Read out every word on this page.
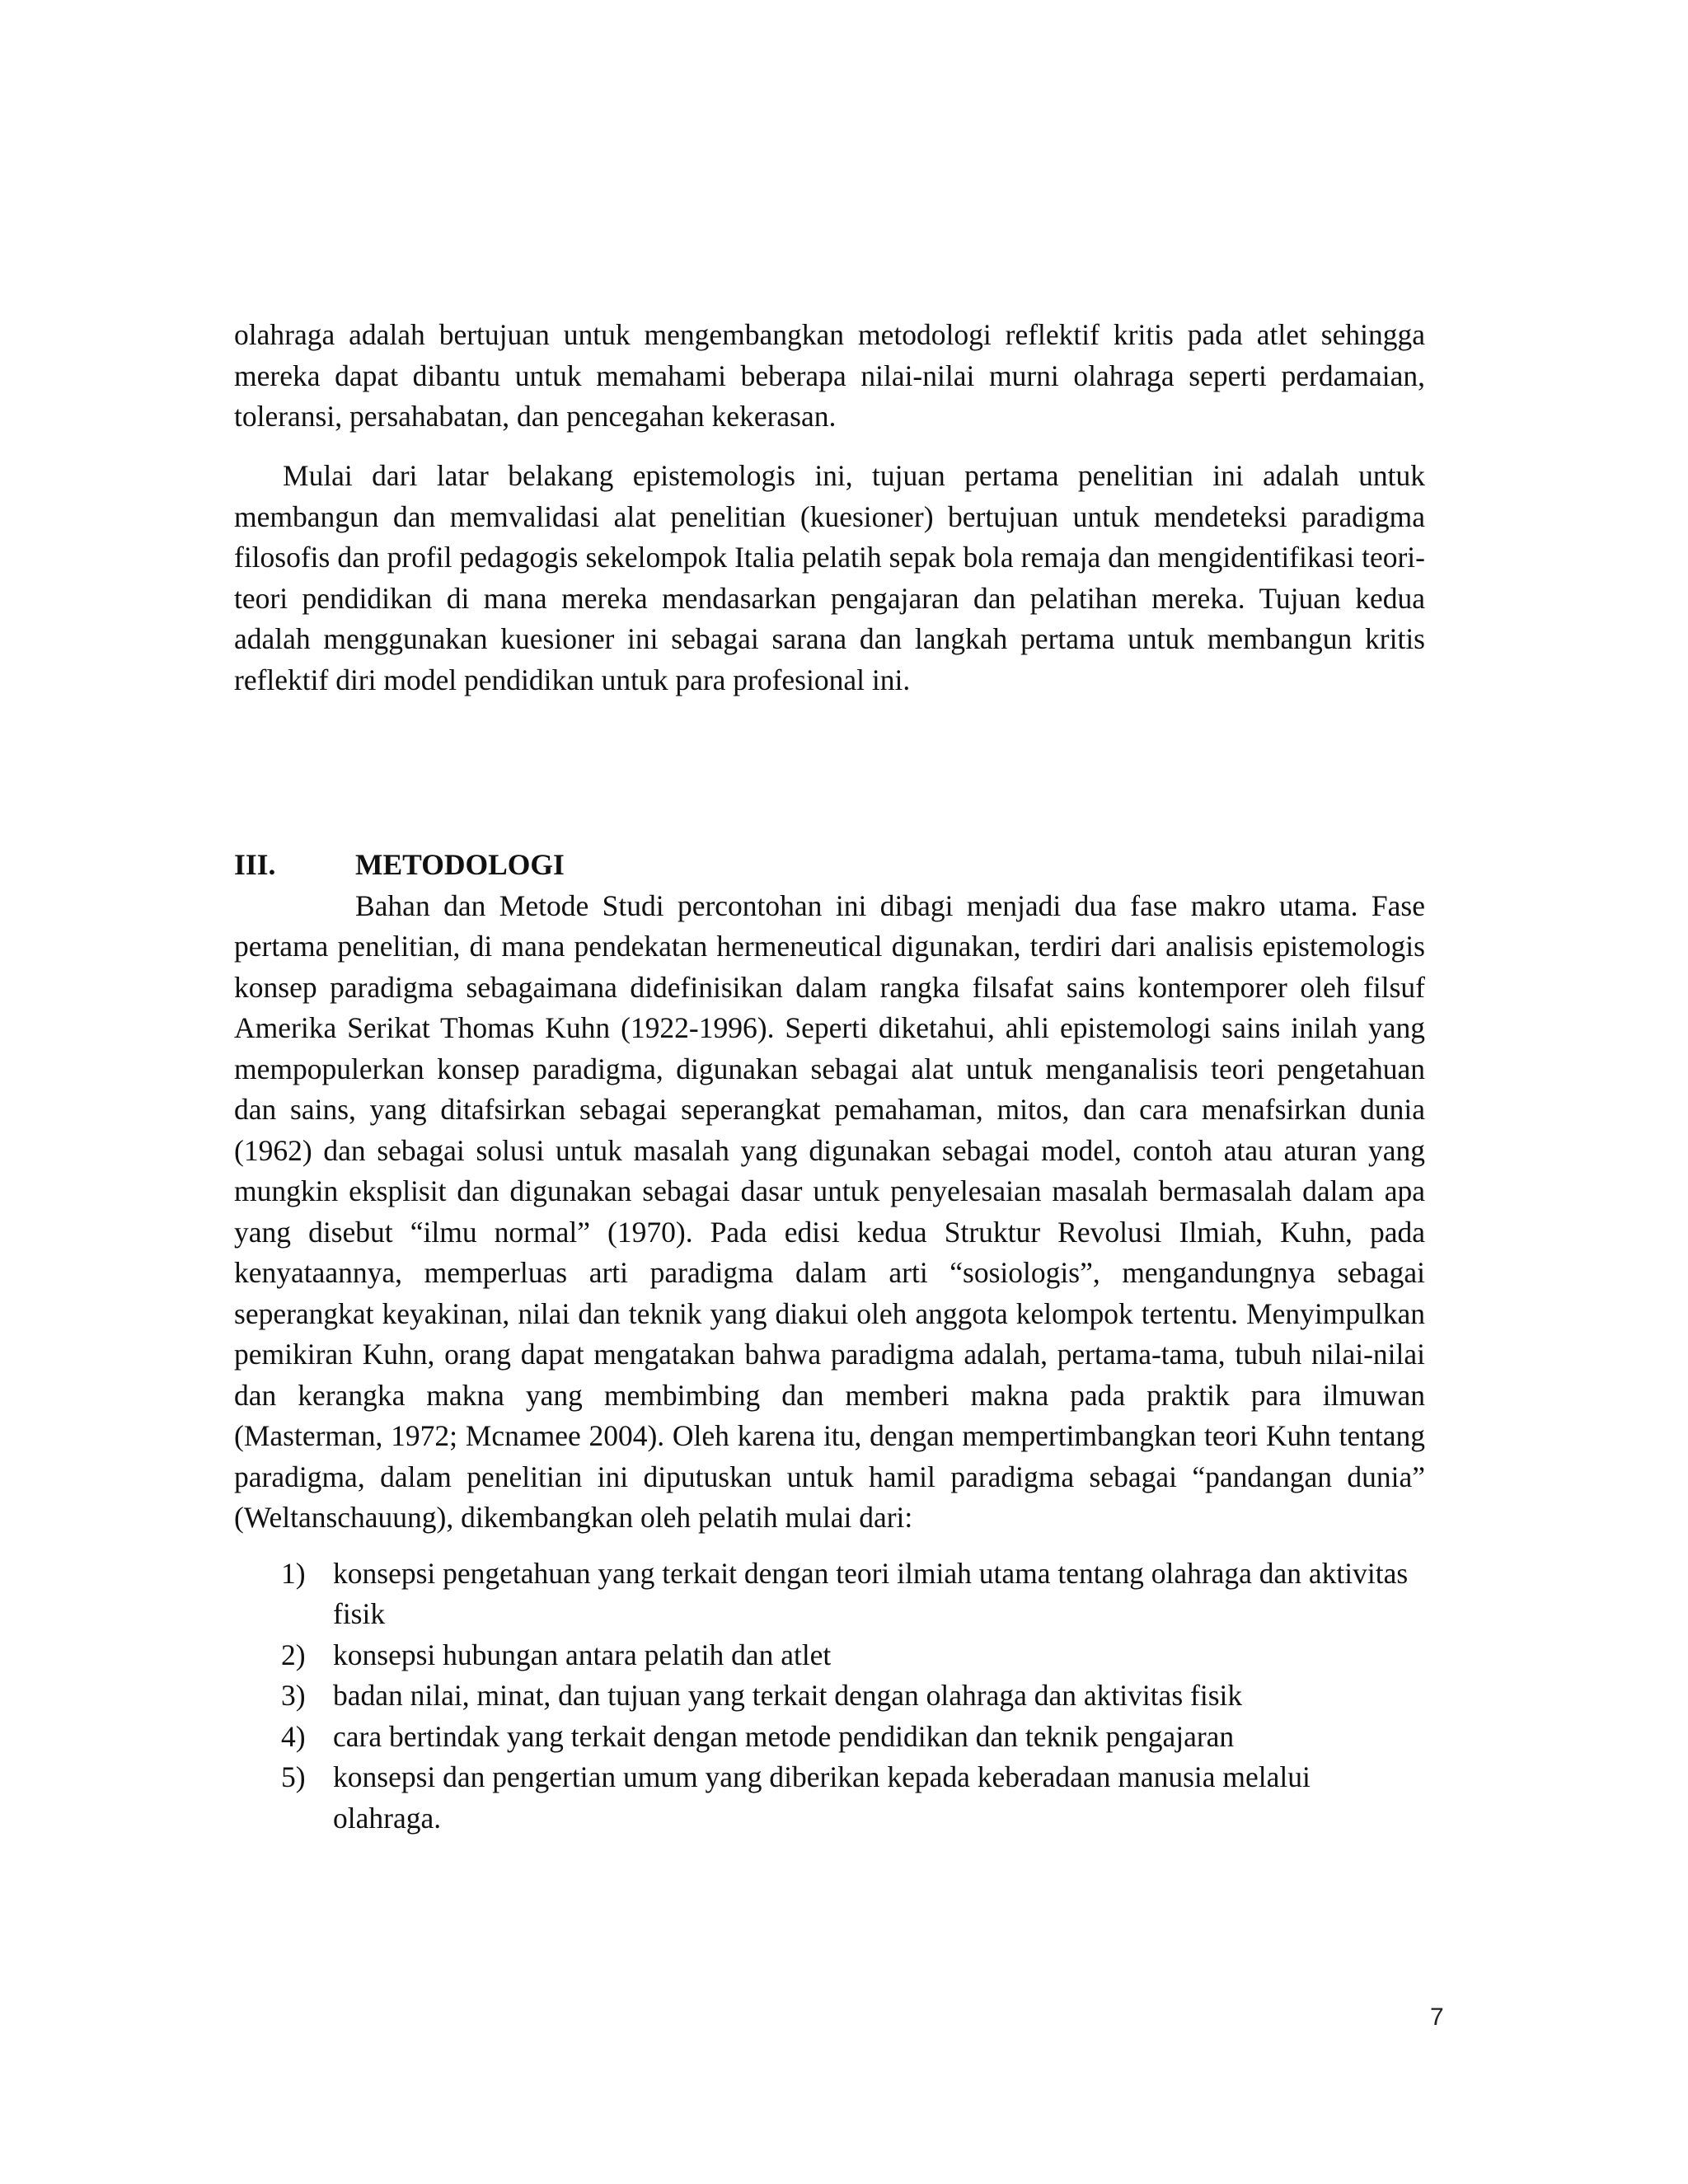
olahraga adalah bertujuan untuk mengembangkan metodologi reflektif kritis pada atlet sehingga mereka dapat dibantu untuk memahami beberapa nilai-nilai murni olahraga seperti perdamaian, toleransi, persahabatan, dan pencegahan kekerasan.

Mulai dari latar belakang epistemologis ini, tujuan pertama penelitian ini adalah untuk membangun dan memvalidasi alat penelitian (kuesioner) bertujuan untuk mendeteksi paradigma filosofis dan profil pedagogis sekelompok Italia pelatih sepak bola remaja dan mengidentifikasi teori-teori pendidikan di mana mereka mendasarkan pengajaran dan pelatihan mereka. Tujuan kedua adalah menggunakan kuesioner ini sebagai sarana dan langkah pertama untuk membangun kritis reflektif diri model pendidikan untuk para profesional ini.

III.	METODOLOGI

Bahan dan Metode Studi percontohan ini dibagi menjadi dua fase makro utama. Fase pertama penelitian, di mana pendekatan hermeneutical digunakan, terdiri dari analisis epistemologis konsep paradigma sebagaimana didefinisikan dalam rangka filsafat sains kontemporer oleh filsuf Amerika Serikat Thomas Kuhn (1922-1996). Seperti diketahui, ahli epistemologi sains inilah yang mempopulerkan konsep paradigma, digunakan sebagai alat untuk menganalisis teori pengetahuan dan sains, yang ditafsirkan sebagai seperangkat pemahaman, mitos, dan cara menafsirkan dunia (1962) dan sebagai solusi untuk masalah yang digunakan sebagai model, contoh atau aturan yang mungkin eksplisit dan digunakan sebagai dasar untuk penyelesaian masalah bermasalah dalam apa yang disebut “ilmu normal” (1970). Pada edisi kedua Struktur Revolusi Ilmiah, Kuhn, pada kenyataannya, memperluas arti paradigma dalam arti “sosiologis”, mengandungnya sebagai seperangkat keyakinan, nilai dan teknik yang diakui oleh anggota kelompok tertentu. Menyimpulkan pemikiran Kuhn, orang dapat mengatakan bahwa paradigma adalah, pertama-tama, tubuh nilai-nilai dan kerangka makna yang membimbing dan memberi makna pada praktik para ilmuwan (Masterman, 1972; Mcnamee 2004). Oleh karena itu, dengan mempertimbangkan teori Kuhn tentang paradigma, dalam penelitian ini diputuskan untuk hamil paradigma sebagai “pandangan dunia” (Weltanschauung), dikembangkan oleh pelatih mulai dari:

1) konsepsi pengetahuan yang terkait dengan teori ilmiah utama tentang olahraga dan aktivitas fisik
2) konsepsi hubungan antara pelatih dan atlet
3) badan nilai, minat, dan tujuan yang terkait dengan olahraga dan aktivitas fisik
4) cara bertindak yang terkait dengan metode pendidikan dan teknik pengajaran
5) konsepsi dan pengertian umum yang diberikan kepada keberadaan manusia melalui olahraga.
7
